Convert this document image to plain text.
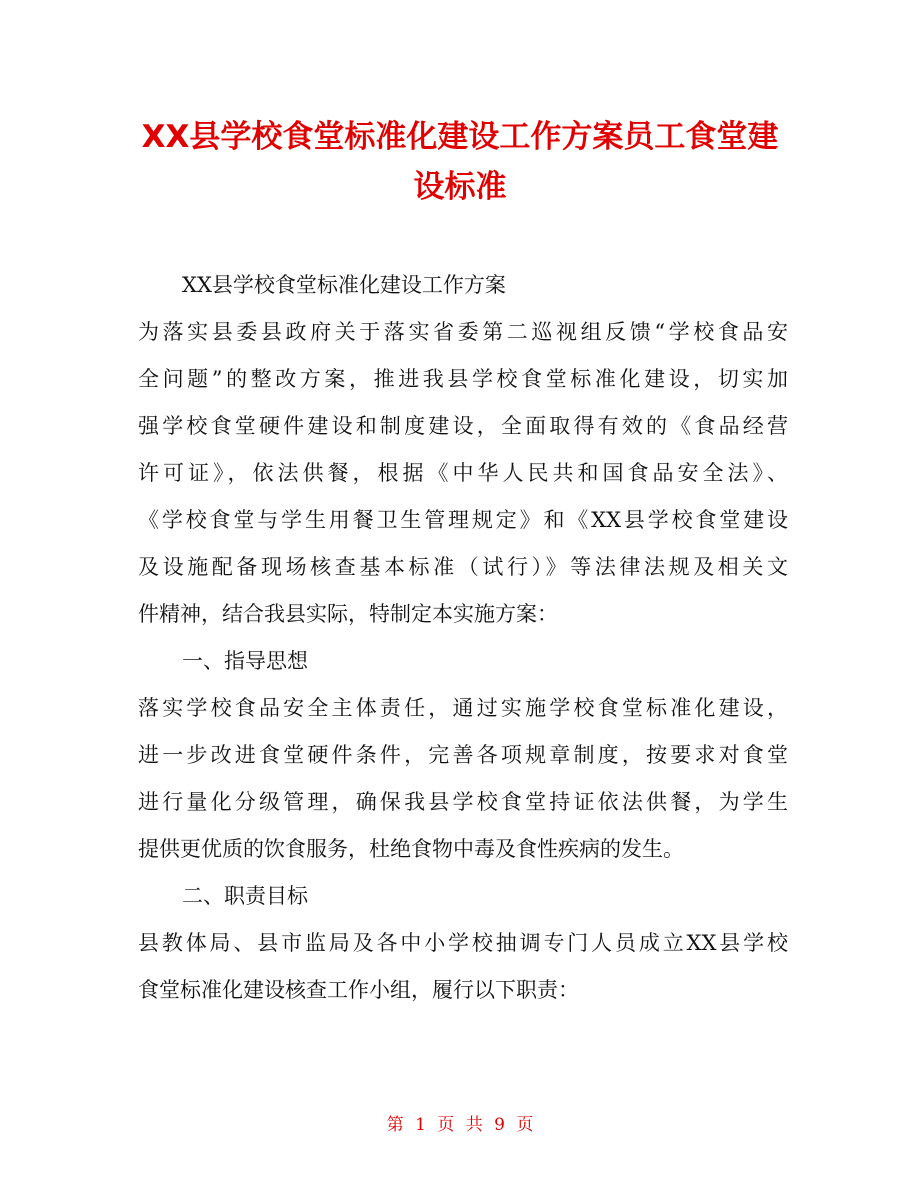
XX县学校食堂标准化建设工作方案员工食堂建
设标准
XX县学校食堂标准化建设工作方案
为落实县委县政府关于落实省委第二巡视组反馈“学校食品安
全问题”的整改方案，推进我县学校食堂标准化建设，切实加
强学校食堂硬件建设和制度建设，全面取得有效的《食品经营
许可证》，依法供餐，根据《中华人民共和国食品安全法》、
《学校食堂与学生用餐卫生管理规定》和《XX县学校食堂建设
及设施配备现场核查基本标准（试行）》等法律法规及相关文
件精神，结合我县实际，特制定本实施方案：
一、指导思想
落实学校食品安全主体责任，通过实施学校食堂标准化建设，
进一步改进食堂硬件条件，完善各项规章制度，按要求对食堂
进行量化分级管理，确保我县学校食堂持证依法供餐，为学生
提供更优质的饮食服务，杜绝食物中毒及食性疾病的发生。
二、职责目标
县教体局、县市监局及各中小学校抽调专门人员成立XX县学校
食堂标准化建设核查工作小组，履行以下职责：
第 1 页 共 9 页
